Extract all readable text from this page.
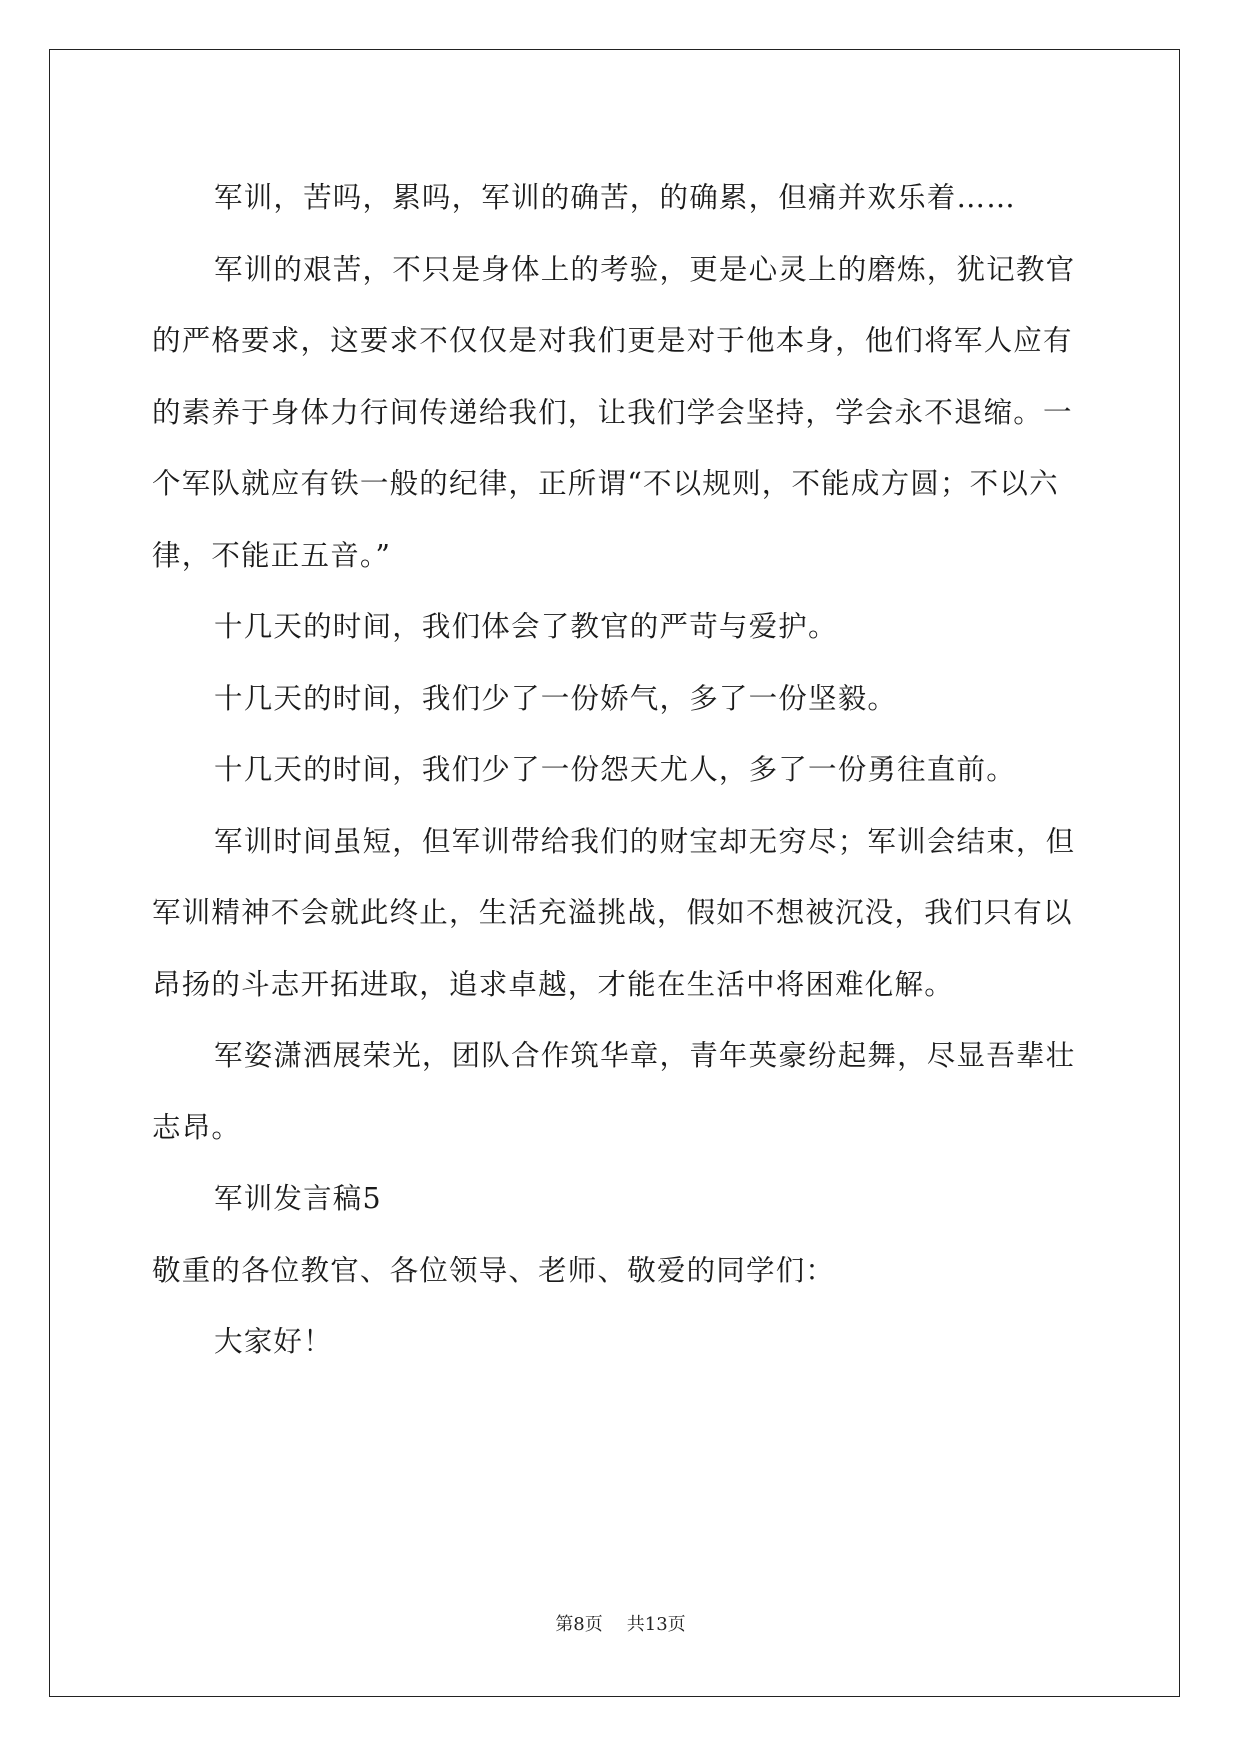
军训，苦吗，累吗，军训的确苦，的确累，但痛并欢乐着……

军训的艰苦，不只是身体上的考验，更是心灵上的磨炼，犹记教官的严格要求，这要求不仅仅是对我们更是对于他本身，他们将军人应有的素养于身体力行间传递给我们，让我们学会坚持，学会永不退缩。一个军队就应有铁一般的纪律，正所谓“不以规则，不能成方圆；不以六律，不能正五音。”

十几天的时间，我们体会了教官的严苛与爱护。

十几天的时间，我们少了一份娇气，多了一份坚毅。

十几天的时间，我们少了一份怨天尤人，多了一份勇往直前。

军训时间虽短，但军训带给我们的财宝却无穷尽；军训会结束，但军训精神不会就此终止，生活充溢挑战，假如不想被沉没，我们只有以昂扬的斗志开拓进取，追求卓越，才能在生活中将困难化解。

军姿潇洒展荣光，团队合作筑华章，青年英豪纷起舞，尽显吾辈壮志昂。

军训发言稿5

敬重的各位教官、各位领导、老师、敬爱的同学们：

大家好！

第8页 共13页
